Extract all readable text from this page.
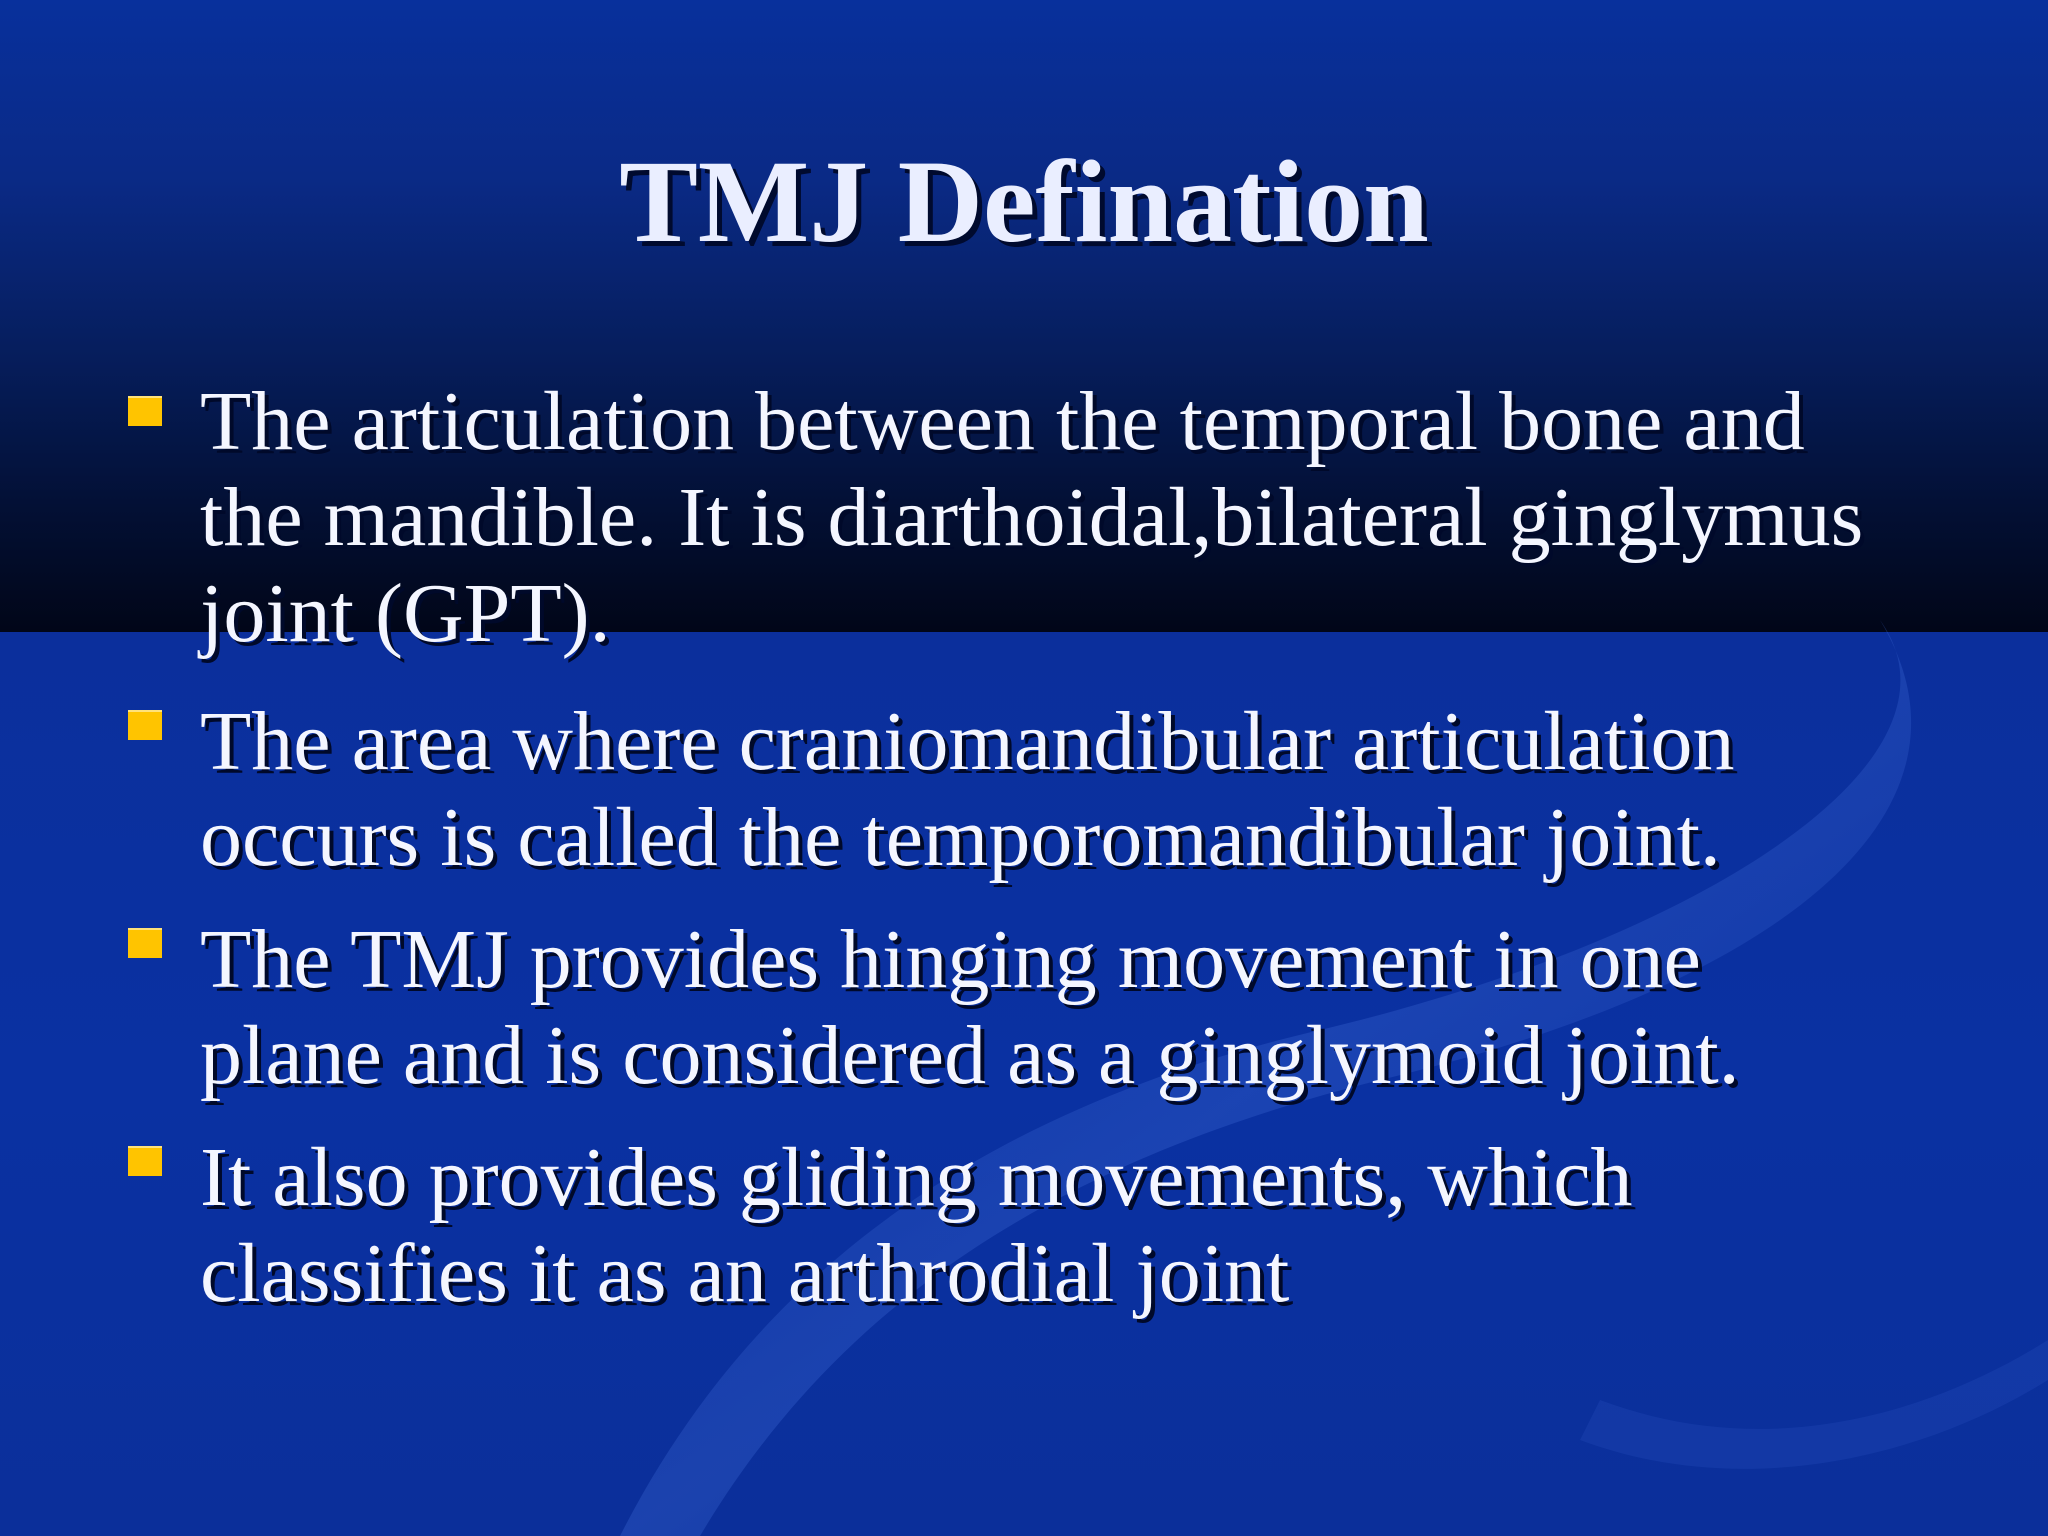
TMJ Defination
The articulation between the temporal bone and
the mandible. It is diarthoidal,bilateral ginglymus
joint (GPT).
The area where craniomandibular articulation
occurs is called the temporomandibular joint.
The TMJ provides hinging movement in one
plane and is considered as a ginglymoid joint.
It also provides gliding movements, which
classifies it as an arthrodial joint
